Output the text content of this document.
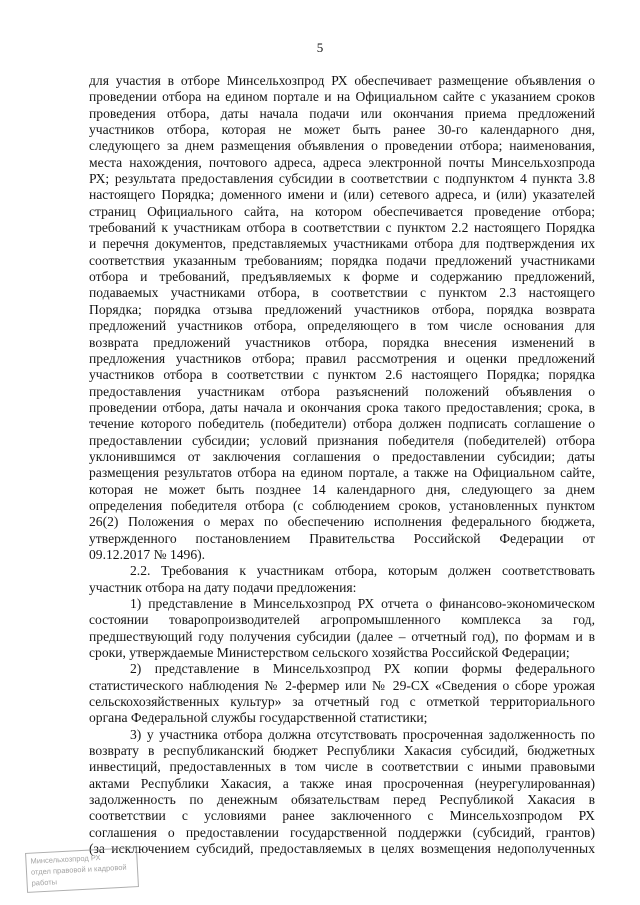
5
для участия в отборе Минсельхозпрод РХ обеспечивает размещение объявления о
проведении отбора на едином портале и на Официальном сайте с указанием сроков
проведения отбора, даты начала подачи или окончания приема предложений
участников отбора, которая не может быть ранее 30-го календарного дня,
следующего за днем размещения объявления о проведении отбора; наименования,
места нахождения, почтового адреса, адреса электронной почты Минсельхозпрода
РХ; результата предоставления субсидии в соответствии с подпунктом 4 пункта 3.8
настоящего Порядка; доменного имени и (или) сетевого адреса, и (или) указателей
страниц Официального сайта, на котором обеспечивается проведение отбора;
требований к участникам отбора в соответствии с пунктом 2.2 настоящего Порядка
и перечня документов, представляемых участниками отбора для подтверждения их
соответствия указанным требованиям; порядка подачи предложений участниками
отбора и требований, предъявляемых к форме и содержанию предложений,
подаваемых участниками отбора, в соответствии с пунктом 2.3 настоящего
Порядка; порядка отзыва предложений участников отбора, порядка возврата
предложений участников отбора, определяющего в том числе основания для
возврата предложений участников отбора, порядка внесения изменений в
предложения участников отбора; правил рассмотрения и оценки предложений
участников отбора в соответствии с пунктом 2.6 настоящего Порядка; порядка
предоставления участникам отбора разъяснений положений объявления о
проведении отбора, даты начала и окончания срока такого предоставления; срока, в
течение которого победитель (победители) отбора должен подписать соглашение о
предоставлении субсидии; условий признания победителя (победителей) отбора
уклонившимся от заключения соглашения о предоставлении субсидии; даты
размещения результатов отбора на едином портале, а также на Официальном сайте,
которая не может быть позднее 14 календарного дня, следующего за днем
определения победителя отбора (с соблюдением сроков, установленных пунктом
26(2) Положения о мерах по обеспечению исполнения федерального бюджета,
утвержденного постановлением Правительства Российской Федерации от
09.12.2017 № 1496).
2.2. Требования к участникам отбора, которым должен соответствовать
участник отбора на дату подачи предложения:
1) представление в Минсельхозпрод РХ отчета о финансово-экономическом
состоянии товаропроизводителей агропромышленного комплекса за год,
предшествующий году получения субсидии (далее – отчетный год), по формам и в
сроки, утверждаемые Министерством сельского хозяйства Российской Федерации;
2) представление в Минсельхозпрод РХ копии формы федерального
статистического наблюдения № 2-фермер или № 29-СХ «Сведения о сборе урожая
сельскохозяйственных культур» за отчетный год с отметкой территориального
органа Федеральной службы государственной статистики;
3) у участника отбора должна отсутствовать просроченная задолженность по
возврату в республиканский бюджет Республики Хакасия субсидий, бюджетных
инвестиций, предоставленных в том числе в соответствии с иными правовыми
актами Республики Хакасия, а также иная просроченная (неурегулированная)
задолженность по денежным обязательствам перед Республикой Хакасия в
соответствии с условиями ранее заключенного с Минсельхозпродом РХ
соглашения о предоставлении государственной поддержки (субсидий, грантов)
(за исключением субсидий, предоставляемых в целях возмещения недополученных
Минсельхозпрод РХ
отдел правовой и кадровой
работы
